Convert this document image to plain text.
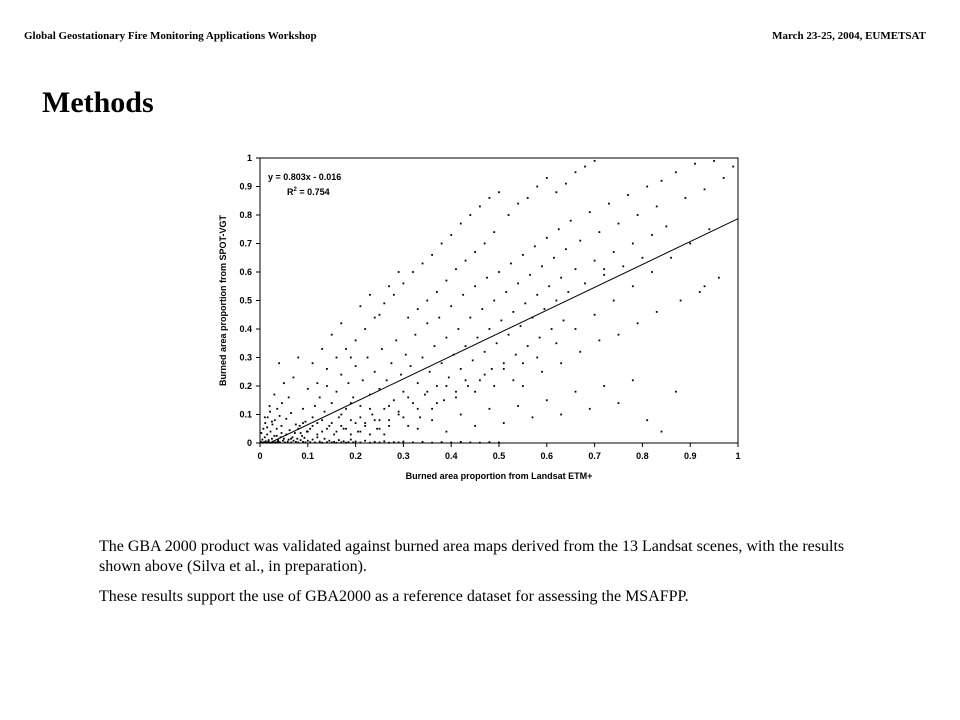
Global Geostationary Fire Monitoring Applications Workshop	March 23-25, 2004, EUMETSAT
Methods
0	0.1	0.2	0.3	0.4	0.5	0.6	0.7	0.8	0.9	1
0
0.1
0.2
0.3
0.4
0.5
0.6
0.7
0.8
0.9
1
y = 0.803x - 0.016
$R^2 = 0.754$
Burned area proportion from Landsat ETM+
Burned area proportion from SPOT-VGT

The GBA 2000 product was validated against burned area maps derived from the 13 Landsat scenes, with the results shown above (Silva et al., in preparation).

These results support the use of GBA2000 as a reference dataset for assessing the MSAFPP.
